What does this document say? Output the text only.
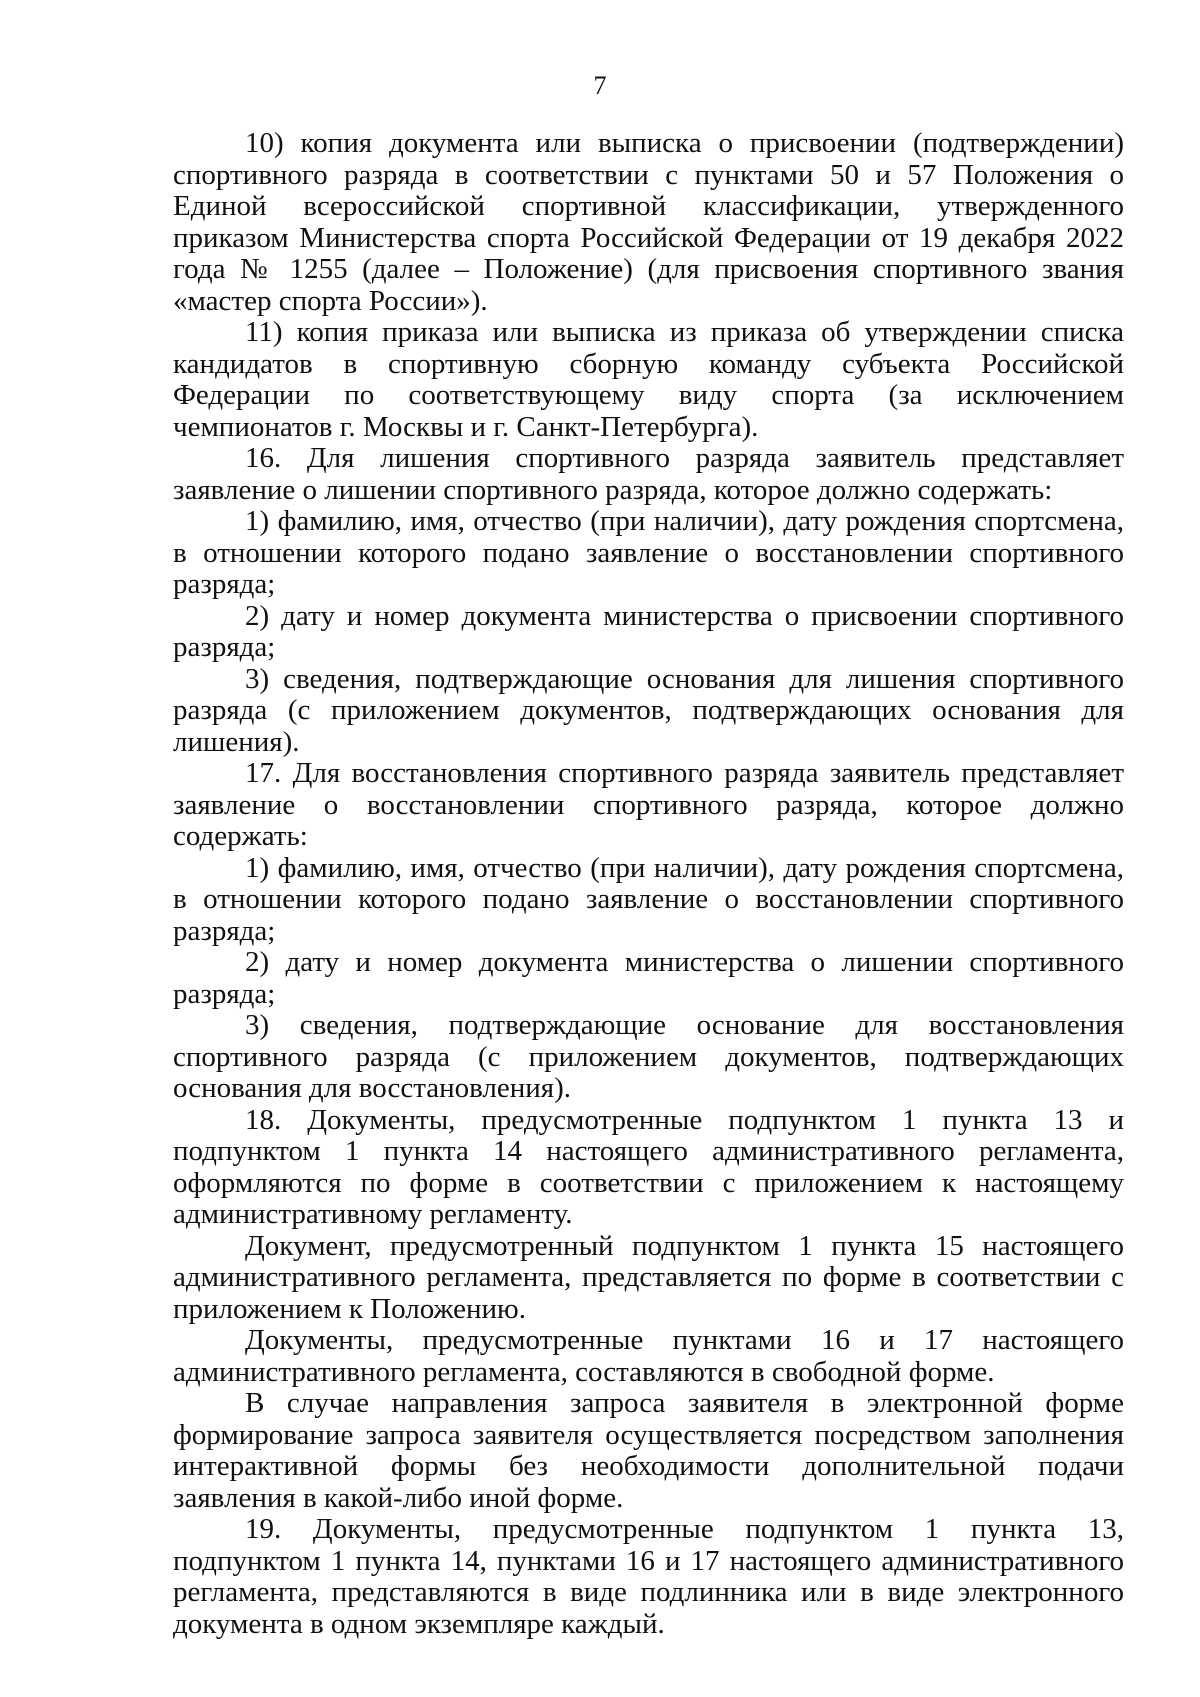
7

10) копия документа или выписка о присвоении (подтверждении) спортивного разряда в соответствии с пунктами 50 и 57 Положения о Единой всероссийской спортивной классификации, утвержденного приказом Министерства спорта Российской Федерации от 19 декабря 2022 года № 1255 (далее – Положение) (для присвоения спортивного звания «мастер спорта России»).

11) копия приказа или выписка из приказа об утверждении списка кандидатов в спортивную сборную команду субъекта Российской Федерации по соответствующему виду спорта (за исключением чемпионатов г. Москвы и г. Санкт-Петербурга).

16. Для лишения спортивного разряда заявитель представляет заявление о лишении спортивного разряда, которое должно содержать:

1) фамилию, имя, отчество (при наличии), дату рождения спортсмена, в отношении которого подано заявление о восстановлении спортивного разряда;

2) дату и номер документа министерства о присвоении спортивного разряда;

3) сведения, подтверждающие основания для лишения спортивного разряда (с приложением документов, подтверждающих основания для лишения).

17. Для восстановления спортивного разряда заявитель представляет заявление о восстановлении спортивного разряда, которое должно содержать:

1) фамилию, имя, отчество (при наличии), дату рождения спортсмена, в отношении которого подано заявление о восстановлении спортивного разряда;

2) дату и номер документа министерства о лишении спортивного разряда;

3) сведения, подтверждающие основание для восстановления спортивного разряда (с приложением документов, подтверждающих основания для восстановления).

18. Документы, предусмотренные подпунктом 1 пункта 13 и подпунктом 1 пункта 14 настоящего административного регламента, оформляются по форме в соответствии с приложением к настоящему административному регламенту.

Документ, предусмотренный подпунктом 1 пункта 15 настоящего административного регламента, представляется по форме в соответствии с приложением к Положению.

Документы, предусмотренные пунктами 16 и 17 настоящего административного регламента, составляются в свободной форме.

В случае направления запроса заявителя в электронной форме формирование запроса заявителя осуществляется посредством заполнения интерактивной формы без необходимости дополнительной подачи заявления в какой-либо иной форме.

19. Документы, предусмотренные подпунктом 1 пункта 13, подпунктом 1 пункта 14, пунктами 16 и 17 настоящего административного регламента, представляются в виде подлинника или в виде электронного документа в одном экземпляре каждый.
